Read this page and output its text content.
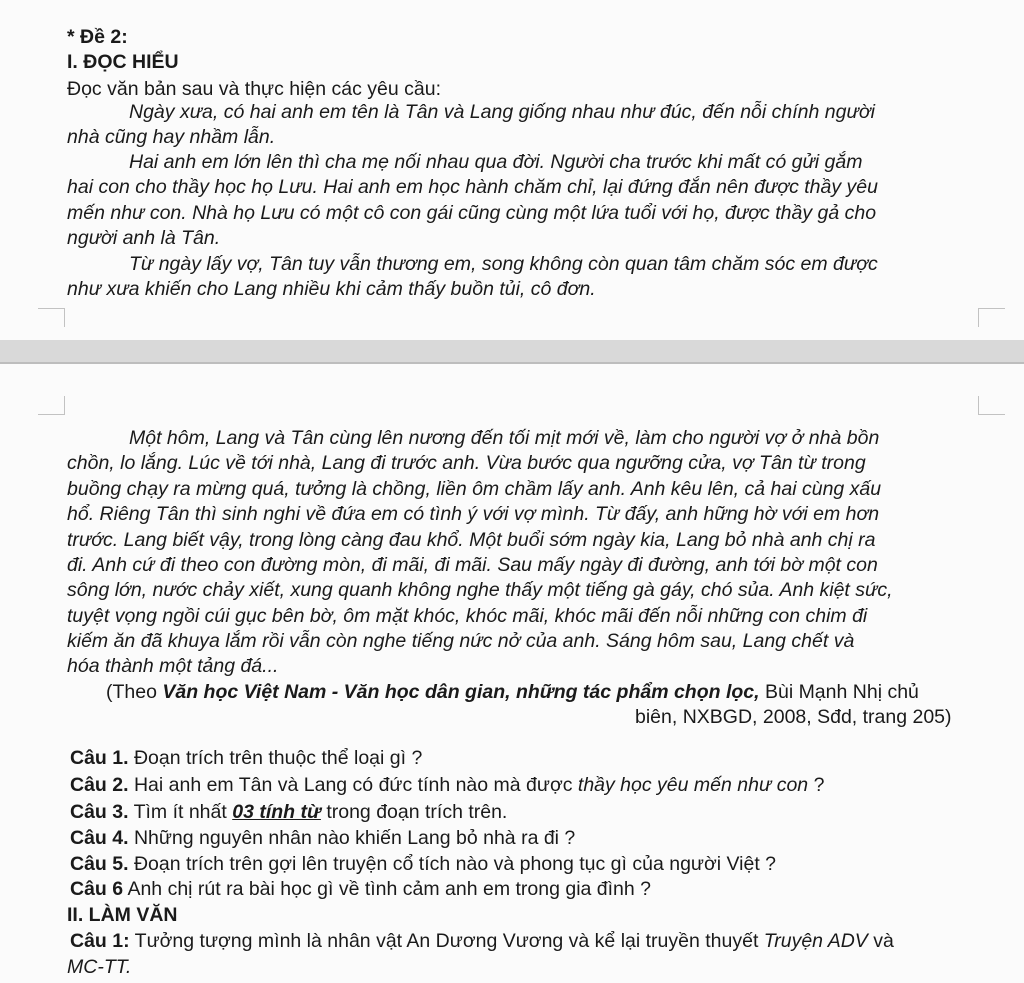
* Đề 2:
I. ĐỌC HIỂU
Đọc văn bản sau và thực hiện các yêu cầu:
Ngày xưa, có hai anh em tên là Tân và Lang giống nhau như đúc, đến nỗi chính người
nhà cũng hay nhầm lẫn.
Hai anh em lớn lên thì cha mẹ nối nhau qua đời. Người cha trước khi mất có gửi gắm
hai con cho thầy học họ Lưu. Hai anh em học hành chăm chỉ, lại đứng đắn nên được thầy yêu
mến như con. Nhà họ Lưu có một cô con gái cũng cùng một lứa tuổi với họ, được thầy gả cho
người anh là Tân.
Từ ngày lấy vợ, Tân tuy vẫn thương em, song không còn quan tâm chăm sóc em được
như xưa khiến cho Lang nhiều khi cảm thấy buồn tủi, cô đơn.
Một hôm, Lang và Tân cùng lên nương đến tối mịt mới về, làm cho người vợ ở nhà bồn
chồn, lo lắng. Lúc về tới nhà, Lang đi trước anh. Vừa bước qua ngưỡng cửa, vợ Tân từ trong
buồng chạy ra mừng quá, tưởng là chồng, liền ôm chầm lấy anh. Anh kêu lên, cả hai cùng xấu
hổ. Riêng Tân thì sinh nghi về đứa em có tình ý với vợ mình. Từ đấy, anh hững hờ với em hơn
trước. Lang biết vậy, trong lòng càng đau khổ. Một buổi sớm ngày kia, Lang bỏ nhà anh chị ra
đi. Anh cứ đi theo con đường mòn, đi mãi, đi mãi. Sau mấy ngày đi đường, anh tới bờ một con
sông lớn, nước chảy xiết, xung quanh không nghe thấy một tiếng gà gáy, chó sủa. Anh kiệt sức,
tuyệt vọng ngồi cúi gục bên bờ, ôm mặt khóc, khóc mãi, khóc mãi đến nỗi những con chim đi
kiếm ăn đã khuya lắm rồi vẫn còn nghe tiếng nức nở của anh. Sáng hôm sau, Lang chết và
hóa thành một tảng đá...
(Theo Văn học Việt Nam - Văn học dân gian, những tác phẩm chọn lọc, Bùi Mạnh Nhị chủ
biên, NXBGD, 2008, Sđd, trang 205)
Câu 1. Đoạn trích trên thuộc thể loại gì ?
Câu 2. Hai anh em Tân và Lang có đức tính nào mà được thầy học yêu mến như con ?
Câu 3. Tìm ít nhất 03 tính từ trong đoạn trích trên.
Câu 4. Những nguyên nhân nào khiến Lang bỏ nhà ra đi ?
Câu 5. Đoạn trích trên gợi lên truyện cổ tích nào và phong tục gì của người Việt ?
Câu 6 Anh chị rút ra bài học gì về tình cảm anh em trong gia đình ?
II. LÀM VĂN
Câu 1: Tưởng tượng mình là nhân vật An Dương Vương và kể lại truyền thuyết Truyện ADV và
MC-TT.
